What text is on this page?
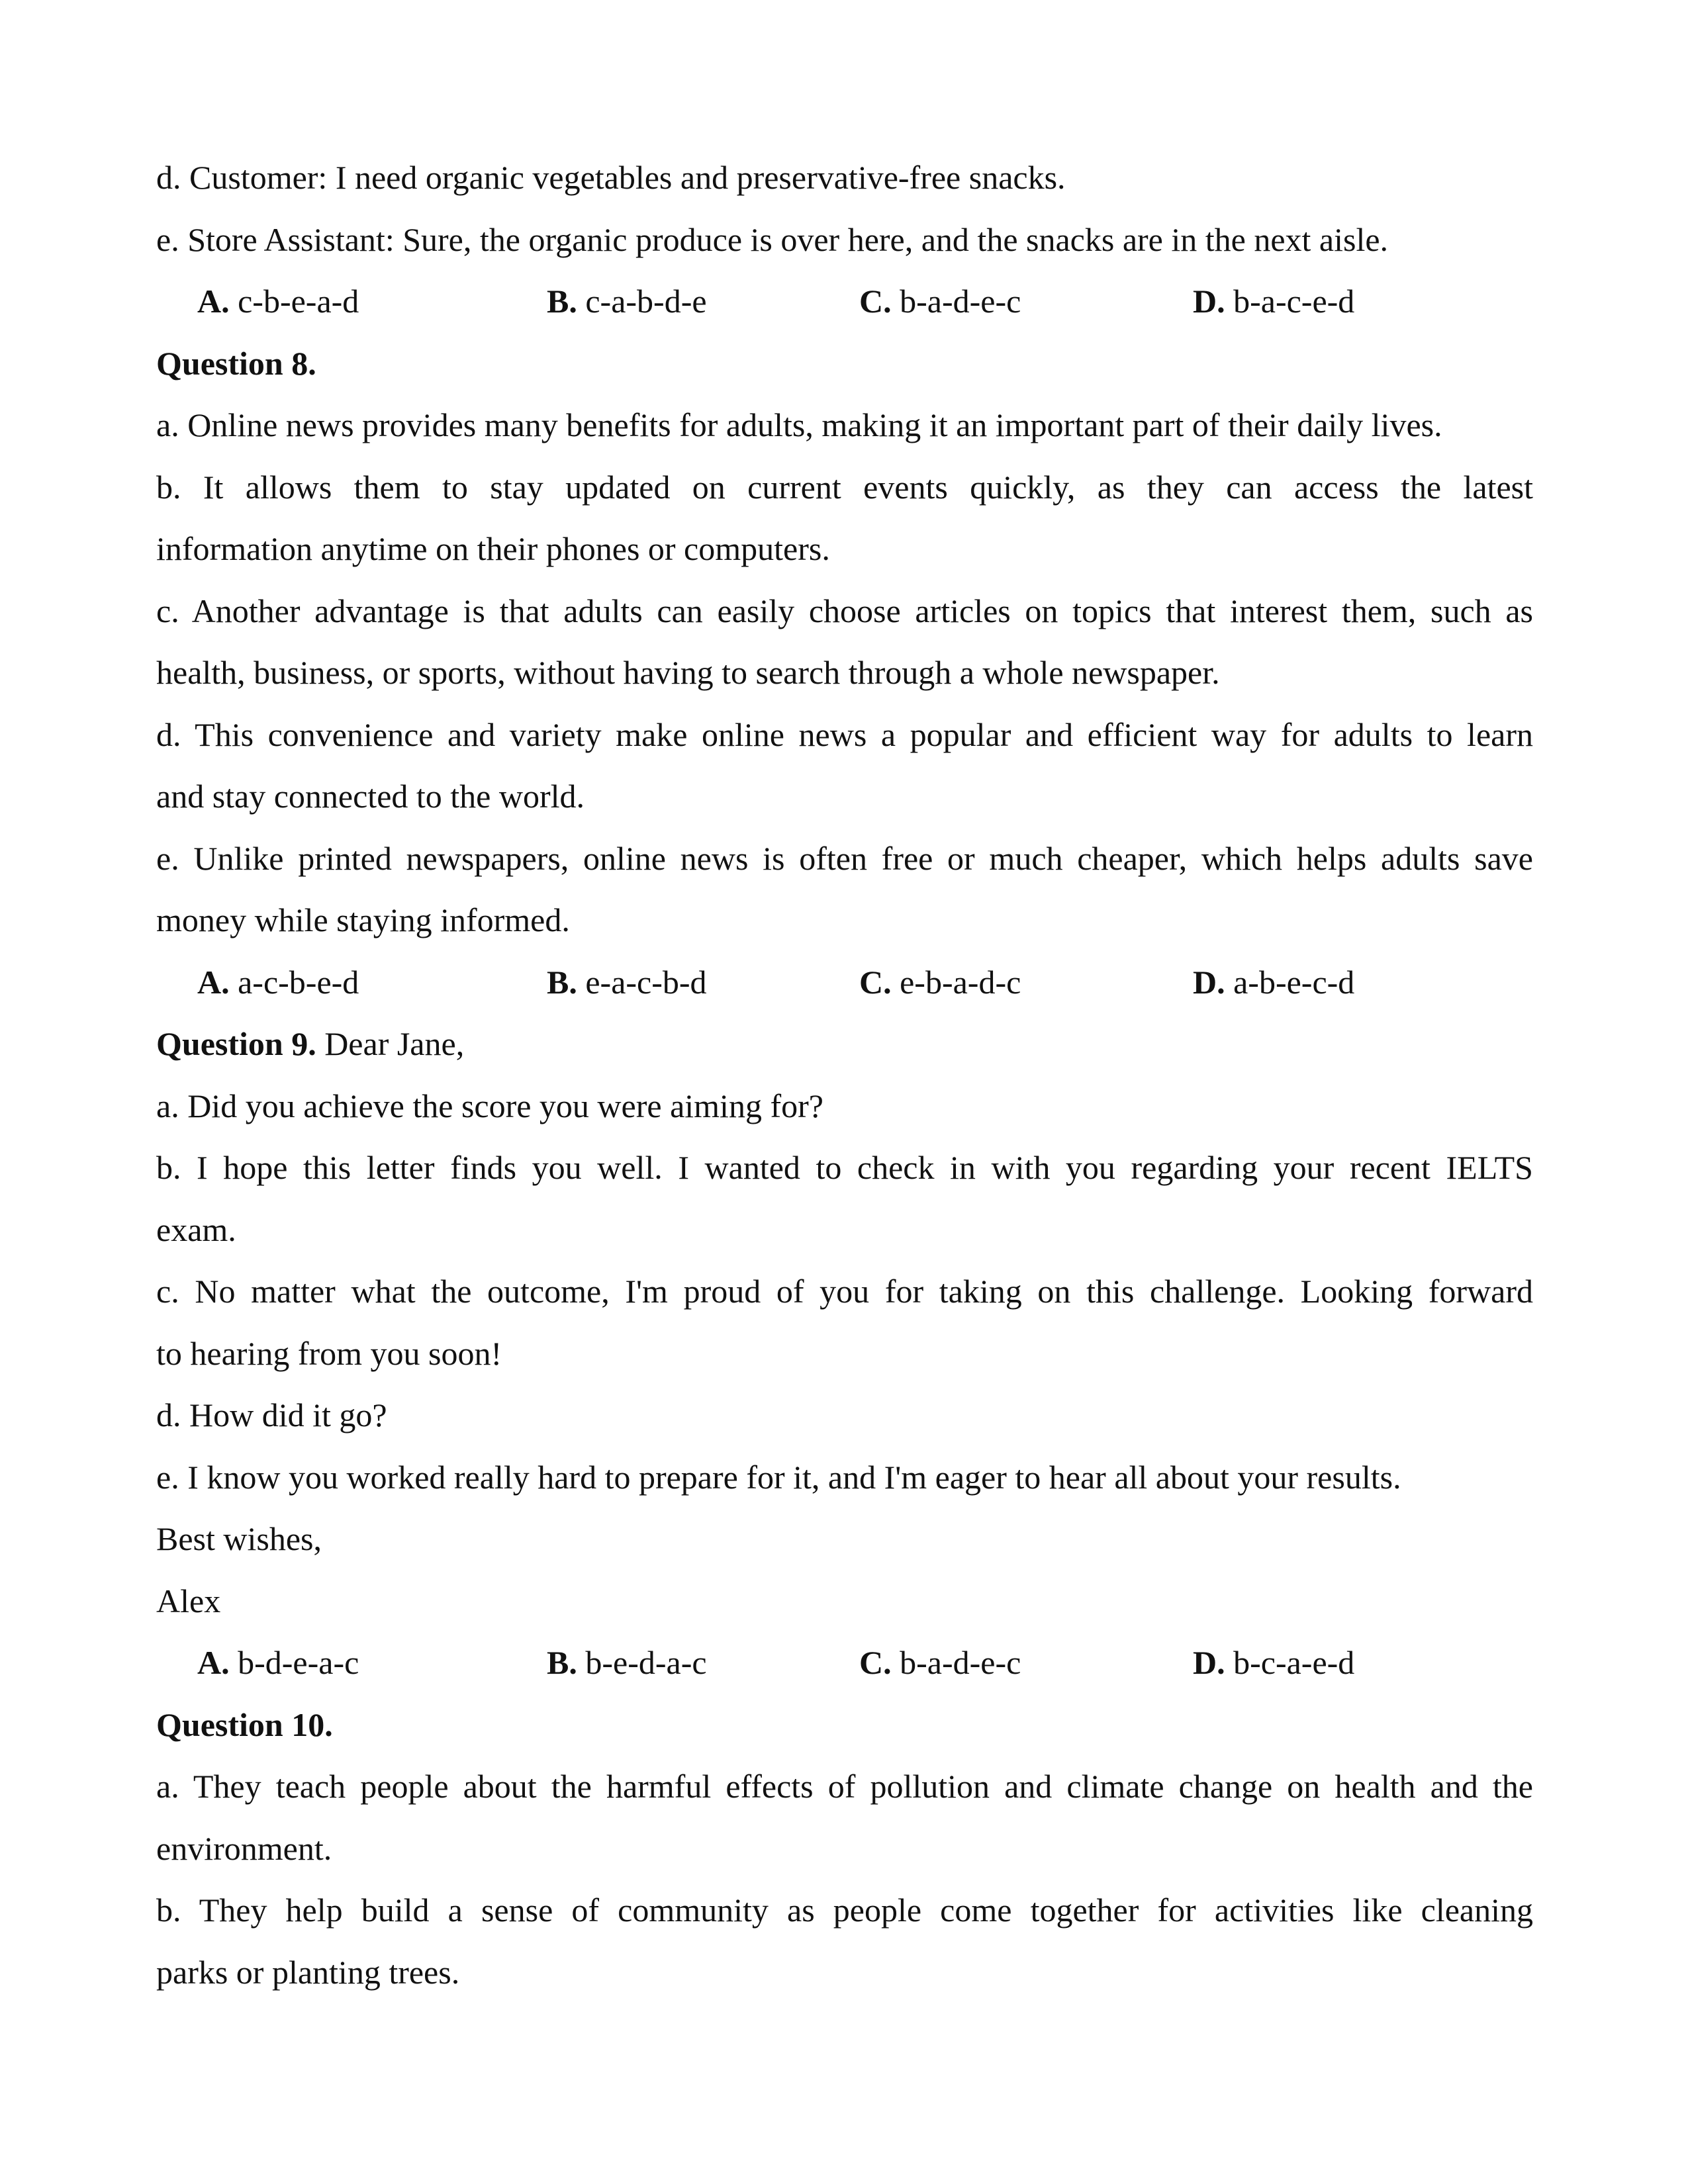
d. Customer: I need organic vegetables and preservative-free snacks.
e. Store Assistant: Sure, the organic produce is over here, and the snacks are in the next aisle.
A. c-b-e-a-d	B. c-a-b-d-e	C. b-a-d-e-c	D. b-a-c-e-d
Question 8.
a. Online news provides many benefits for adults, making it an important part of their daily lives.
b. It allows them to stay updated on current events quickly, as they can access the latest
information anytime on their phones or computers.
c. Another advantage is that adults can easily choose articles on topics that interest them, such as
health, business, or sports, without having to search through a whole newspaper.
d. This convenience and variety make online news a popular and efficient way for adults to learn
and stay connected to the world.
e. Unlike printed newspapers, online news is often free or much cheaper, which helps adults save
money while staying informed.
A. a-c-b-e-d	B. e-a-c-b-d	C. e-b-a-d-c	D. a-b-e-c-d
Question 9. Dear Jane,
a. Did you achieve the score you were aiming for?
b. I hope this letter finds you well. I wanted to check in with you regarding your recent IELTS
exam.
c. No matter what the outcome, I'm proud of you for taking on this challenge. Looking forward
to hearing from you soon!
d. How did it go?
e. I know you worked really hard to prepare for it, and I'm eager to hear all about your results.
Best wishes,
Alex
A. b-d-e-a-c	B. b-e-d-a-c	C. b-a-d-e-c	D. b-c-a-e-d
Question 10.
a. They teach people about the harmful effects of pollution and climate change on health and the
environment.
b. They help build a sense of community as people come together for activities like cleaning
parks or planting trees.
